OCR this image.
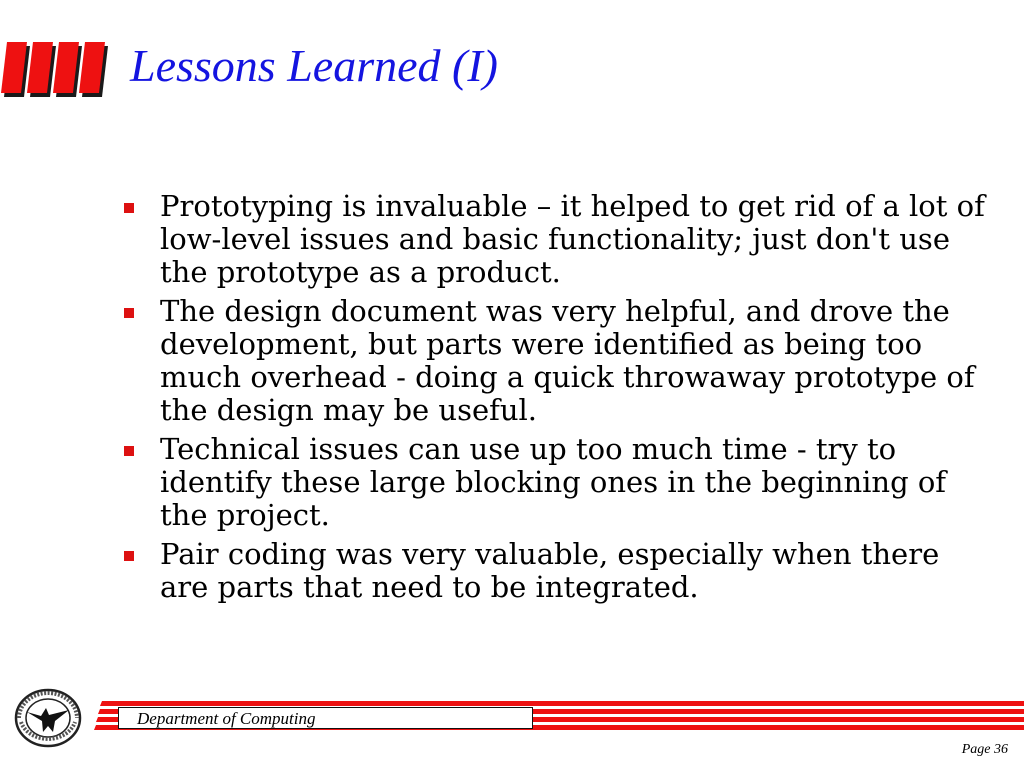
Lessons Learned (I)
Prototyping is invaluable – it helped to get rid of a lot of low-level issues and basic functionality; just don't use the prototype as a product.
The design document was very helpful, and drove the development, but parts were identified as being too much overhead - doing a quick throwaway prototype of the design may be useful.
Technical issues can use up too much time - try to identify these large blocking ones in the beginning of the project.
Pair coding was very valuable, especially when there are parts that need to be integrated.
Department of Computing
Page 36
